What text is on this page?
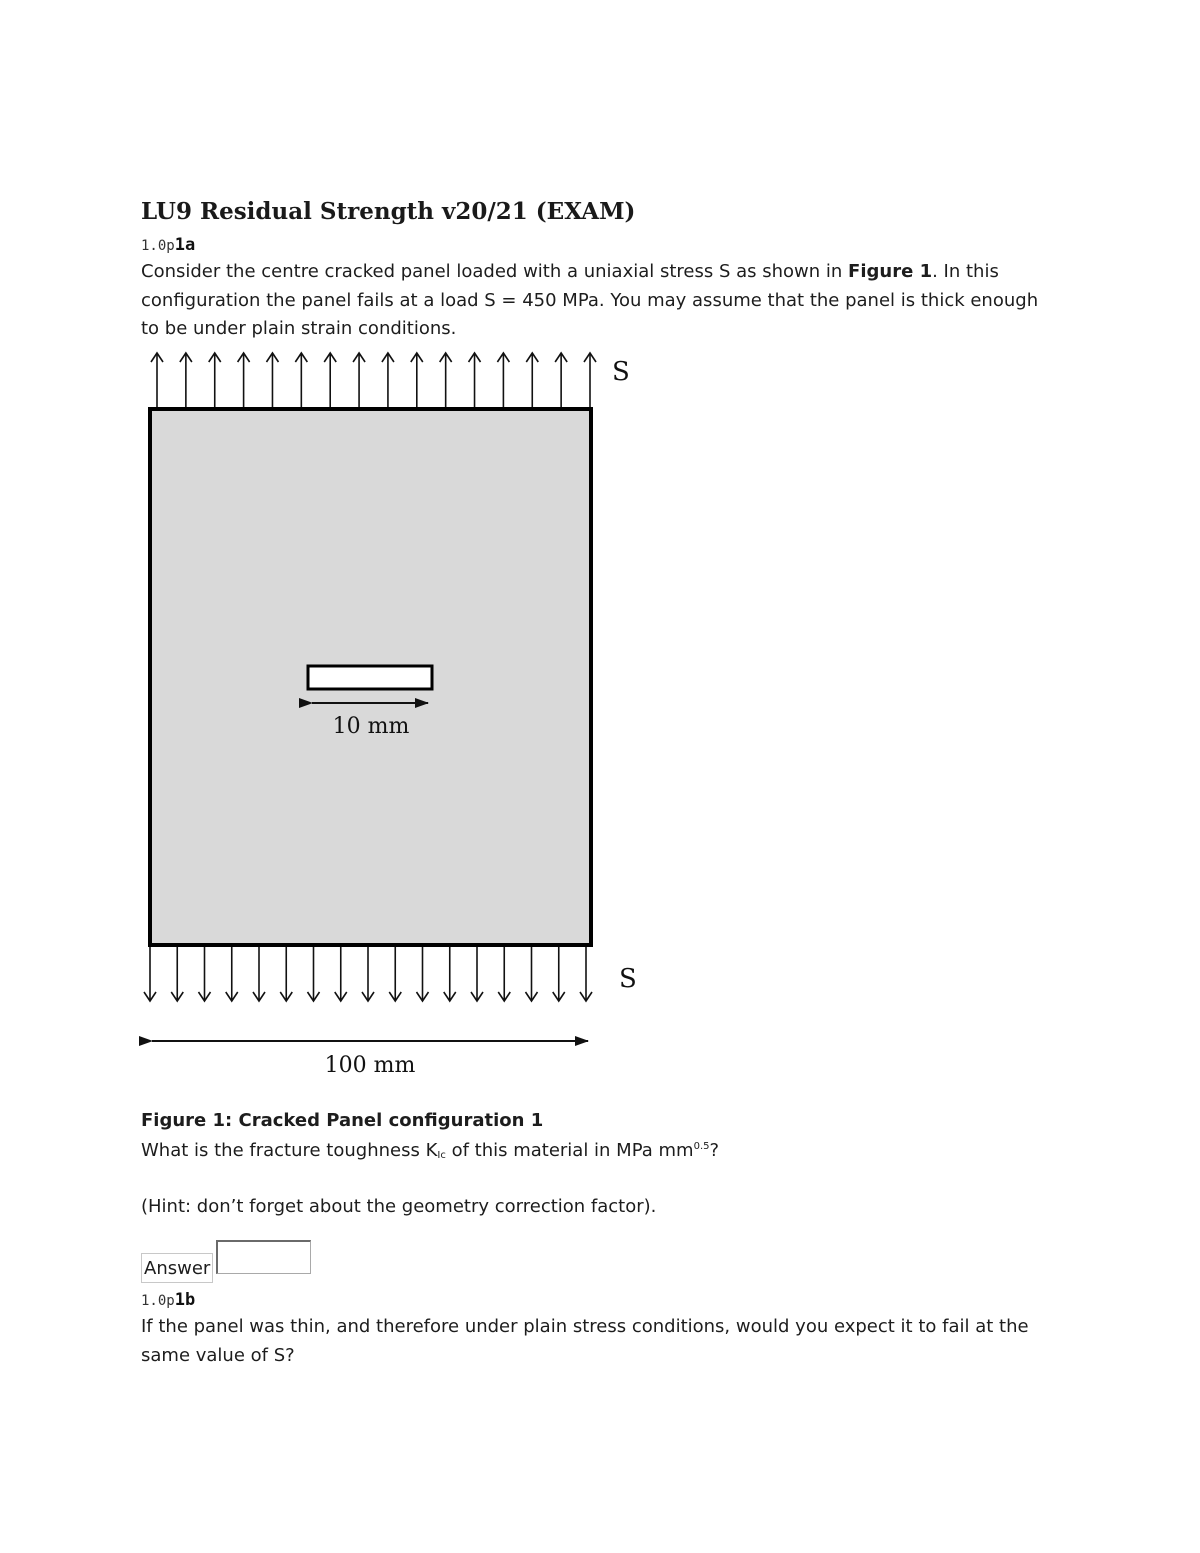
LU9 Residual Strength v20/21 (EXAM)
1.0p1a
Consider the centre cracked panel loaded with a uniaxial stress S as shown in Figure 1. In this
configuration the panel fails at a load S = 450 MPa. You may assume that the panel is thick enough
to be under plain strain conditions.
10 mm
100 mm
S
S
Figure 1: Cracked Panel configuration 1
What is the fracture toughness $K_{Ic}$ of this material in MPa $mm^{0.5}$?
(Hint: don’t forget about the geometry correction factor).
Answer
1.0p1b
If the panel was thin, and therefore under plain stress conditions, would you expect it to fail at the
same value of S?
